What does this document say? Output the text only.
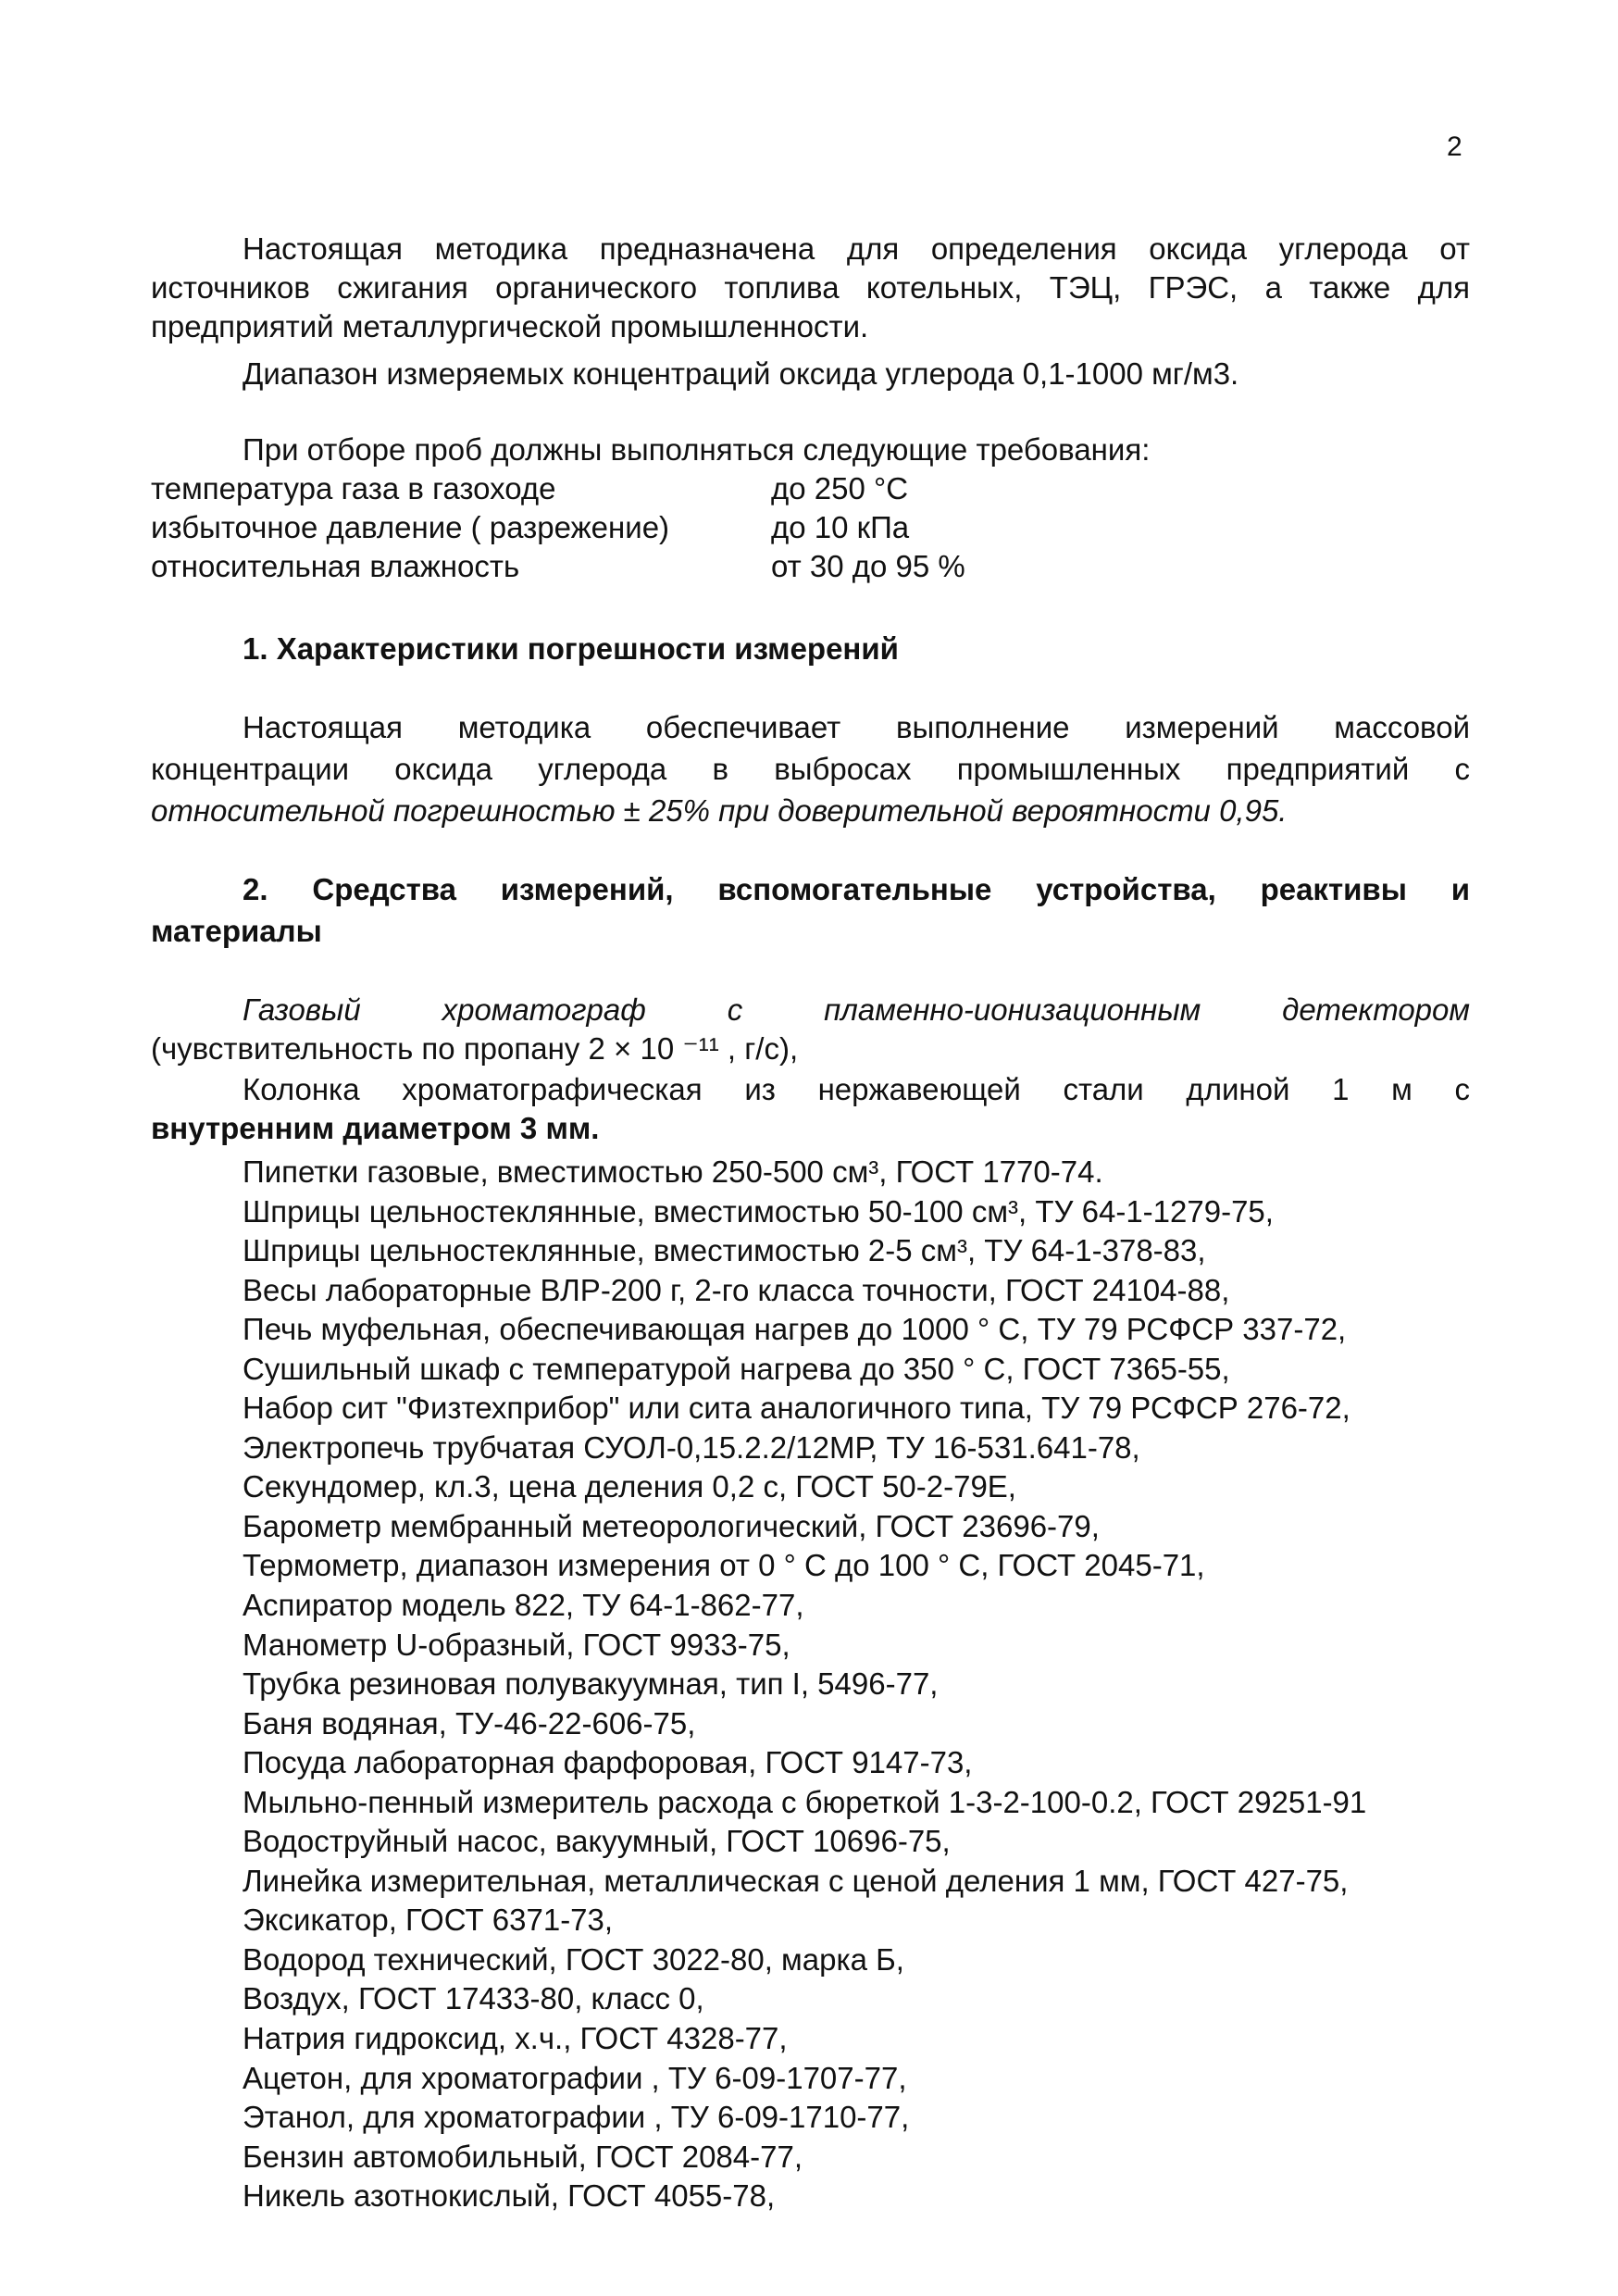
2
Настоящая методика предназначена для определения оксида углерода от
источников сжигания органического топлива котельных, ТЭЦ, ГРЭС, а также для
предприятий металлургической промышленности.
Диапазон измеряемых концентраций оксида углерода 0,1-1000 мг/м3.
При отборе проб должны выполняться следующие требования:
температура газа в газоходе	до 250 °С
избыточное давление ( разрежение)	до 10 кПа
относительная влажность	от 30 до 95 %
1. Характеристики погрешности измерений
Настоящая методика обеспечивает выполнение измерений массовой
концентрации оксида углерода в выбросах промышленных предприятий с
относительной погрешностью ± 25% при доверительной вероятности 0,95.
2. Средства измерений, вспомогательные устройства, реактивы и
материалы
Газовый хроматограф с пламенно-ионизационным детектором
(чувствительность по пропану 2 × 10 ⁻¹¹ , г/с),
Колонка хроматографическая из нержавеющей стали длиной 1 м с
внутренним диаметром 3 мм.
Пипетки газовые, вместимостью 250-500 см³, ГОСТ 1770-74.
Шприцы цельностеклянные, вместимостью 50-100 см³, ТУ 64-1-1279-75,
Шприцы цельностеклянные, вместимостью 2-5 см³, ТУ 64-1-378-83,
Весы лабораторные ВЛР-200 г, 2-го класса точности, ГОСТ 24104-88,
Печь муфельная, обеспечивающая нагрев до 1000 ° С, ТУ 79 РСФСР 337-72,
Сушильный шкаф с температурой нагрева до 350 ° С, ГОСТ 7365-55,
Набор сит "Физтехприбор" или сита аналогичного типа, ТУ 79 РСФСР 276-72,
Электропечь трубчатая СУОЛ-0,15.2.2/12МР, ТУ 16-531.641-78,
Секундомер, кл.3, цена деления 0,2 с, ГОСТ 50-2-79Е,
Барометр мембранный метеорологический, ГОСТ 23696-79,
Термометр, диапазон измерения от 0 ° С до 100 ° С, ГОСТ 2045-71,
Аспиратор модель 822, ТУ 64-1-862-77,
Манометр U-образный, ГОСТ 9933-75,
Трубка резиновая полувакуумная, тип I, 5496-77,
Баня водяная, ТУ-46-22-606-75,
Посуда лабораторная фарфоровая, ГОСТ 9147-73,
Мыльно-пенный измеритель расхода с бюреткой 1-3-2-100-0.2, ГОСТ 29251-91
Водоструйный насос, вакуумный, ГОСТ 10696-75,
Линейка измерительная, металлическая с ценой деления 1 мм, ГОСТ 427-75,
Эксикатор, ГОСТ 6371-73,
Водород технический, ГОСТ 3022-80, марка Б,
Воздух, ГОСТ 17433-80, класс 0,
Натрия гидроксид, х.ч., ГОСТ 4328-77,
Ацетон, для хроматографии , ТУ 6-09-1707-77,
Этанол, для хроматографии , ТУ 6-09-1710-77,
Бензин автомобильный, ГОСТ 2084-77,
Никель азотнокислый, ГОСТ 4055-78,
